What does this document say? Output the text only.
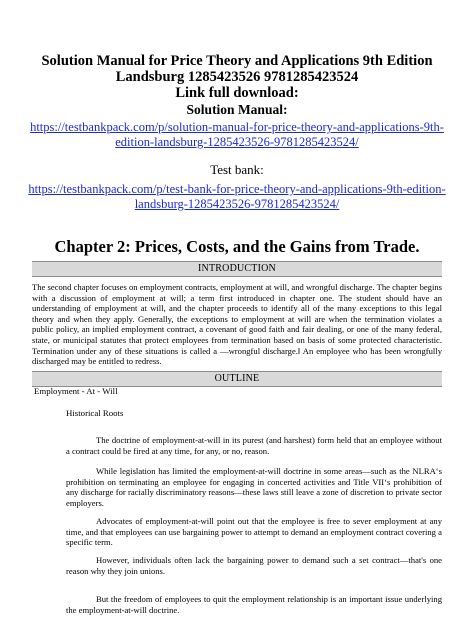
Solution Manual for Price Theory and Applications 9th Edition
Landsburg 1285423526 9781285423524
Link full download:
Solution Manual:
https://testbankpack.com/p/solution-manual-for-price-theory-and-applications-9th-
edition-landsburg-1285423526-9781285423524/
Test bank:
https://testbankpack.com/p/test-bank-for-price-theory-and-applications-9th-edition-
landsburg-1285423526-9781285423524/
Chapter 2: Prices, Costs, and the Gains from Trade.
INTRODUCTION
The second chapter focuses on employment contracts, employment at will, and wrongful discharge. The chapter begins with a discussion of employment at will; a term first introduced in chapter one. The student should have an understanding of employment at will, and the chapter proceeds to identify all of the many exceptions to this legal theory and when they apply. Generally, the exceptions to employment at will are when the termination violates a public policy, an implied employment contract, a covenant of good faith and fair dealing, or one of the many federal, state, or municipal statutes that protect employees from termination based on basis of some protected characteristic. Termination under any of these situations is called a ―wrongful discharge.‖ An employee who has been wrongfully discharged may be entitled to redress.
OUTLINE
Employment - At - Will
Historical Roots
The doctrine of employment-at-will in its purest (and harshest) form held that an employee without a contract could be fired at any time, for any, or no, reason.
While legislation has limited the employment-at-will doctrine in some areas—such as the NLRA‘s prohibition on terminating an employee for engaging in concerted activities and Title VII‘s prohibition of any discharge for racially discriminatory reasons—these laws still leave a zone of discretion to private sector employers.
Advocates of employment-at-will point out that the employee is free to sever employment at any time, and that employees can use bargaining power to attempt to demand an employment contract covering a specific term.
However, individuals often lack the bargaining power to demand such a set contract—that's one reason why they join unions.
But the freedom of employees to quit the employment relationship is an important issue underlying the employment-at-will doctrine.
